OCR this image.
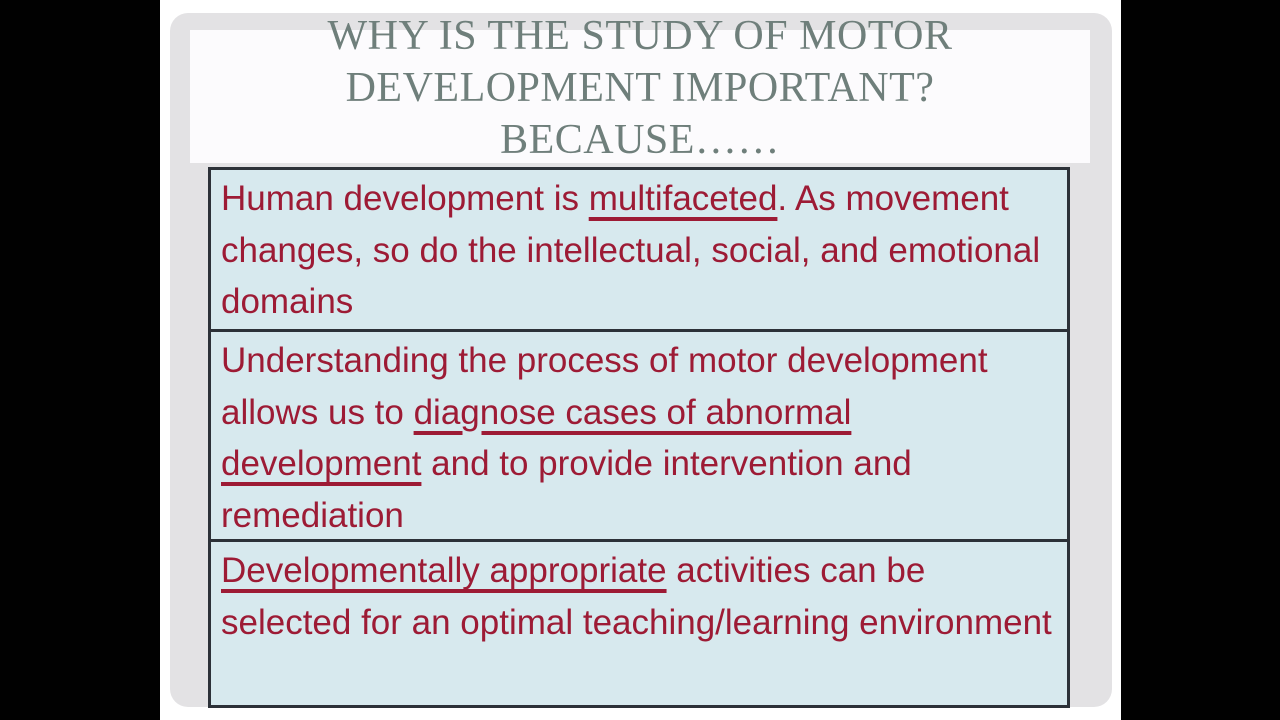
WHY IS THE STUDY OF MOTOR
DEVELOPMENT IMPORTANT?
BECAUSE……
Human development is multifaceted. As movement changes, so do the intellectual, social, and emotional domains
Understanding the process of motor development allows us to diagnose cases of abnormal development and to provide intervention and remediation
Developmentally appropriate activities can be selected for an optimal teaching/learning environment
